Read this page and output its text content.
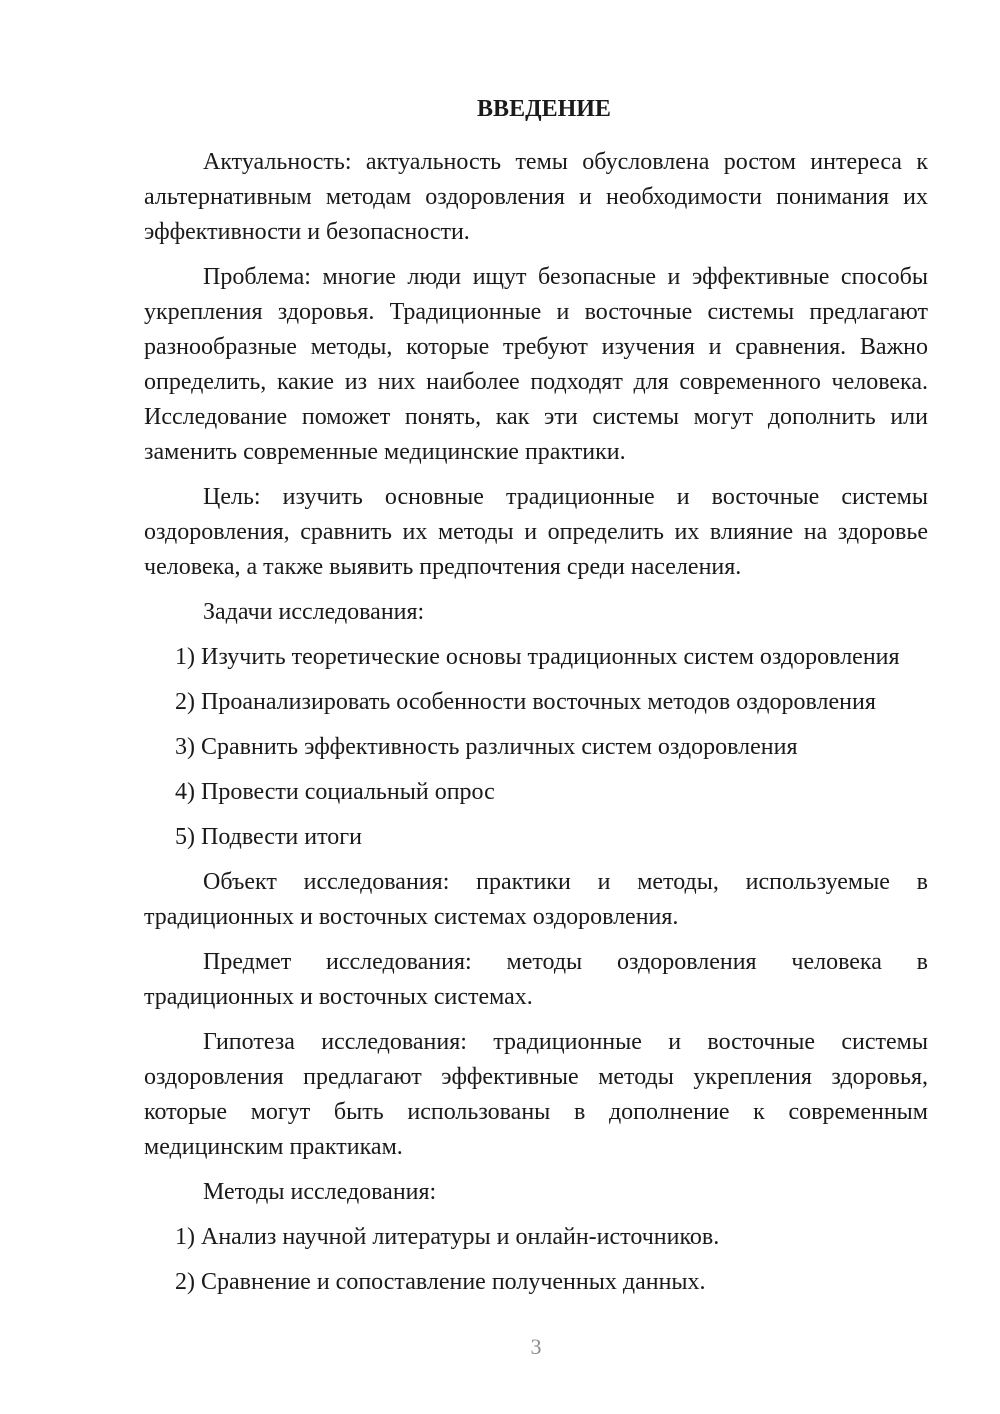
ВВЕДЕНИЕ

Актуальность: актуальность темы обусловлена ростом интереса к альтернативным методам оздоровления и необходимости понимания их эффективности и безопасности.

Проблема: многие люди ищут безопасные и эффективные способы укрепления здоровья. Традиционные и восточные системы предлагают разнообразные методы, которые требуют изучения и сравнения. Важно определить, какие из них наиболее подходят для современного человека. Исследование поможет понять, как эти системы могут дополнить или заменить современные медицинские практики.

Цель: изучить основные традиционные и восточные системы оздоровления, сравнить их методы и определить их влияние на здоровье человека, а также выявить предпочтения среди населения.

Задачи исследования:

1) Изучить теоретические основы традиционных систем оздоровления
2) Проанализировать особенности восточных методов оздоровления
3) Сравнить эффективность различных систем оздоровления
4) Провести социальный опрос
5) Подвести итоги

Объект исследования: практики и методы, используемые в традиционных и восточных системах оздоровления.

Предмет исследования: методы оздоровления человека в традиционных и восточных системах.

Гипотеза исследования: традиционные и восточные системы оздоровления предлагают эффективные методы укрепления здоровья, которые могут быть использованы в дополнение к современным медицинским практикам.

Методы исследования:

1) Анализ научной литературы и онлайн-источников.
2) Сравнение и сопоставление полученных данных.
3
